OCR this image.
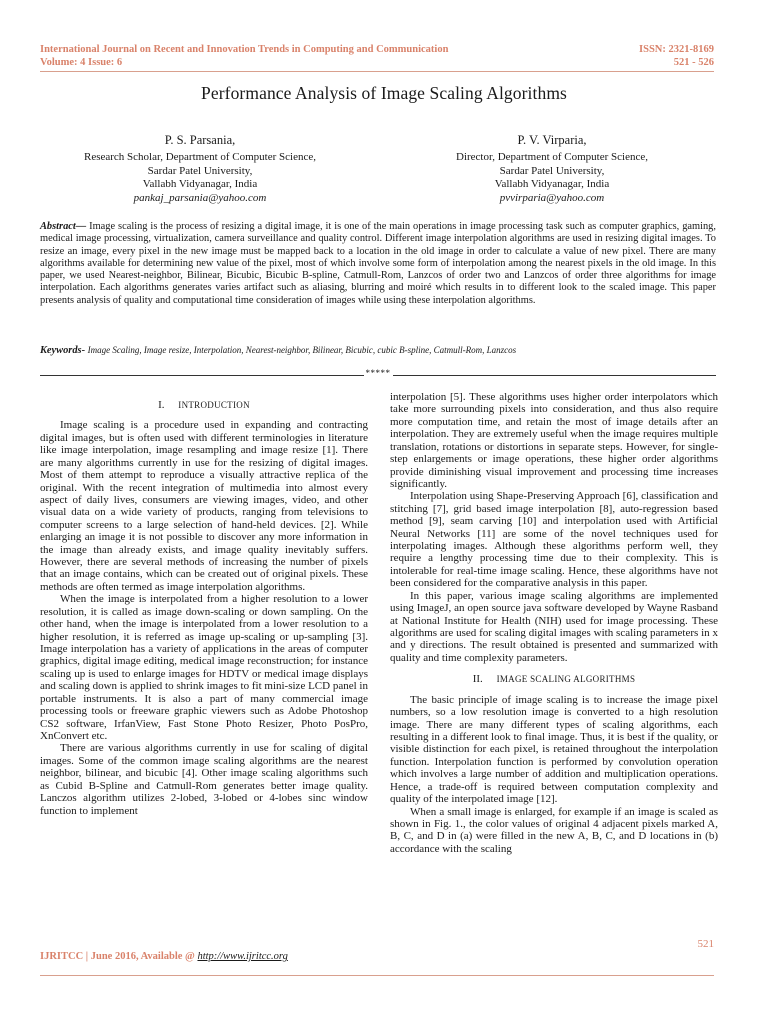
International Journal on Recent and Innovation Trends in Computing and Communication
Volume: 4 Issue: 6
ISSN: 2321-8169
521 - 526
Performance Analysis of Image Scaling Algorithms
P. S. Parsania,
Research Scholar, Department of Computer Science,
Sardar Patel University,
Vallabh Vidyanagar, India
pankaj_parsania@yahoo.com
P. V. Virparia,
Director, Department of Computer Science,
Sardar Patel University,
Vallabh Vidyanagar, India
pvvirparia@yahoo.com
Abstract— Image scaling is the process of resizing a digital image, it is one of the main operations in image processing task such as computer graphics, gaming, medical image processing, virtualization, camera surveillance and quality control. Different image interpolation algorithms are used in resizing digital images. To resize an image, every pixel in the new image must be mapped back to a location in the old image in order to calculate a value of new pixel. There are many algorithms available for determining new value of the pixel, most of which involve some form of interpolation among the nearest pixels in the old image. In this paper, we used Nearest-neighbor, Bilinear, Bicubic, Bicubic B-spline, Catmull-Rom, Lanzcos of order two and Lanzcos of order three algorithms for image interpolation. Each algorithms generates varies artifact such as aliasing, blurring and moiré which results in to different look to the scaled image. This paper presents analysis of quality and computational time consideration of images while using these interpolation algorithms.
Keywords- Image Scaling, Image resize, Interpolation, Nearest-neighbor, Bilinear, Bicubic, cubic B-spline, Catmull-Rom, Lanzcos
*****
I. INTRODUCTION

Image scaling is a procedure used in expanding and contracting digital images, but is often used with different terminologies in literature like image interpolation, image resampling and image resize [1]. There are many algorithms currently in use for the resizing of digital images. Most of them attempt to reproduce a visually attractive replica of the original. With the recent integration of multimedia into almost every aspect of daily lives, consumers are viewing images, video, and other visual data on a wide variety of products, ranging from televisions to computer screens to a large selection of hand-held devices. [2]. While enlarging an image it is not possible to discover any more information in the image than already exists, and image quality inevitably suffers. However, there are several methods of increasing the number of pixels that an image contains, which can be created out of original pixels. These methods are often termed as image interpolation algorithms.

When the image is interpolated from a higher resolution to a lower resolution, it is called as image down-scaling or down sampling. On the other hand, when the image is interpolated from a lower resolution to a higher resolution, it is referred as image up-scaling or up-sampling [3]. Image interpolation has a variety of applications in the areas of computer graphics, digital image editing, medical image reconstruction; for instance scaling up is used to enlarge images for HDTV or medical image displays and scaling down is applied to shrink images to fit mini-size LCD panel in portable instruments. It is also a part of many commercial image processing tools or freeware graphic viewers such as Adobe Photoshop CS2 software, IrfanView, Fast Stone Photo Resizer, Photo PosPro, XnConvert etc.

There are various algorithms currently in use for scaling of digital images. Some of the common image scaling algorithms are the nearest neighbor, bilinear, and bicubic [4]. Other image scaling algorithms such as Cubid B-Spline and Catmull-Rom generates better image quality. Lanczos algorithm utilizes 2-lobed, 3-lobed or 4-lobes sinc window function to implement

interpolation [5]. These algorithms uses higher order interpolators which take more surrounding pixels into consideration, and thus also require more computation time, and retain the most of image details after an interpolation. They are extremely useful when the image requires multiple translation, rotations or distortions in separate steps. However, for single-step enlargements or image operations, these higher order algorithms provide diminishing visual improvement and processing time increases significantly.

Interpolation using Shape-Preserving Approach [6], classification and stitching [7], grid based image interpolation [8], auto-regression based method [9], seam carving [10] and interpolation used with Artificial Neural Networks [11] are some of the novel techniques used for interpolating images. Although these algorithms perform well, they require a lengthy processing time due to their complexity. This is intolerable for real-time image scaling. Hence, these algorithms have not been considered for the comparative analysis in this paper.

In this paper, various image scaling algorithms are implemented using ImageJ, an open source java software developed by Wayne Rasband at National Institute for Health (NIH) used for image processing. These algorithms are used for scaling digital images with scaling parameters in x and y directions. The result obtained is presented and summarized with quality and time complexity parameters.

II. IMAGE SCALING ALGORITHMS

The basic principle of image scaling is to increase the image pixel numbers, so a low resolution image is converted to a high resolution image. There are many different types of scaling algorithms, each resulting in a different look to final image. Thus, it is best if the quality, or visible distinction for each pixel, is retained throughout the interpolation function. Interpolation function is performed by convolution operation which involves a large number of addition and multiplication operations. Hence, a trade-off is required between computation complexity and quality of the interpolated image [12].

When a small image is enlarged, for example if an image is scaled as shown in Fig. 1., the color values of original 4 adjacent pixels marked A, B, C, and D in (a) were filled in the new A, B, C, and D locations in (b) accordance with the scaling

521
IJRITCC | June 2016, Available @ http://www.ijritcc.org
